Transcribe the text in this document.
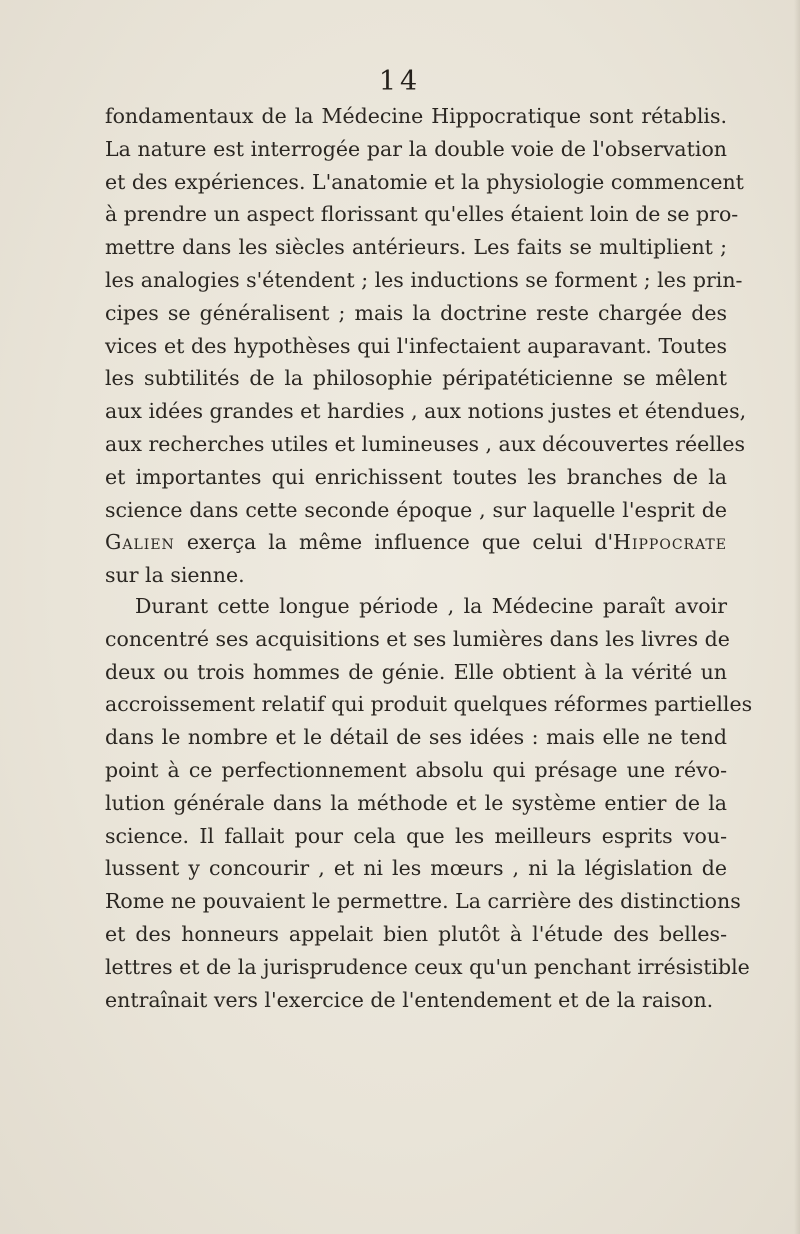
14
fondamentaux de la Médecine Hippocratique sont rétablis.
La nature est interrogée par la double voie de l'observation
et des expériences. L'anatomie et la physiologie commencent
à prendre un aspect florissant qu'elles étaient loin de se pro-
mettre dans les siècles antérieurs. Les faits se multiplient ;
les analogies s'étendent ; les inductions se forment ; les prin-
cipes se généralisent ; mais la doctrine reste chargée des
vices et des hypothèses qui l'infectaient auparavant. Toutes
les subtilités de la philosophie péripatéticienne se mêlent
aux idées grandes et hardies , aux notions justes et étendues,
aux recherches utiles et lumineuses , aux découvertes réelles
et importantes qui enrichissent toutes les branches de la
science dans cette seconde époque , sur laquelle l'esprit de
Galien exerça la même influence que celui d'Hippocrate
sur la sienne.
Durant cette longue période , la Médecine paraît avoir
concentré ses acquisitions et ses lumières dans les livres de
deux ou trois hommes de génie. Elle obtient à la vérité un
accroissement relatif qui produit quelques réformes partielles
dans le nombre et le détail de ses idées : mais elle ne tend
point à ce perfectionnement absolu qui présage une révo-
lution générale dans la méthode et le système entier de la
science. Il fallait pour cela que les meilleurs esprits vou-
lussent y concourir , et ni les mœurs , ni la législation de
Rome ne pouvaient le permettre. La carrière des distinctions
et des honneurs appelait bien plutôt à l'étude des belles-
lettres et de la jurisprudence ceux qu'un penchant irrésistible
entraînait vers l'exercice de l'entendement et de la raison.
